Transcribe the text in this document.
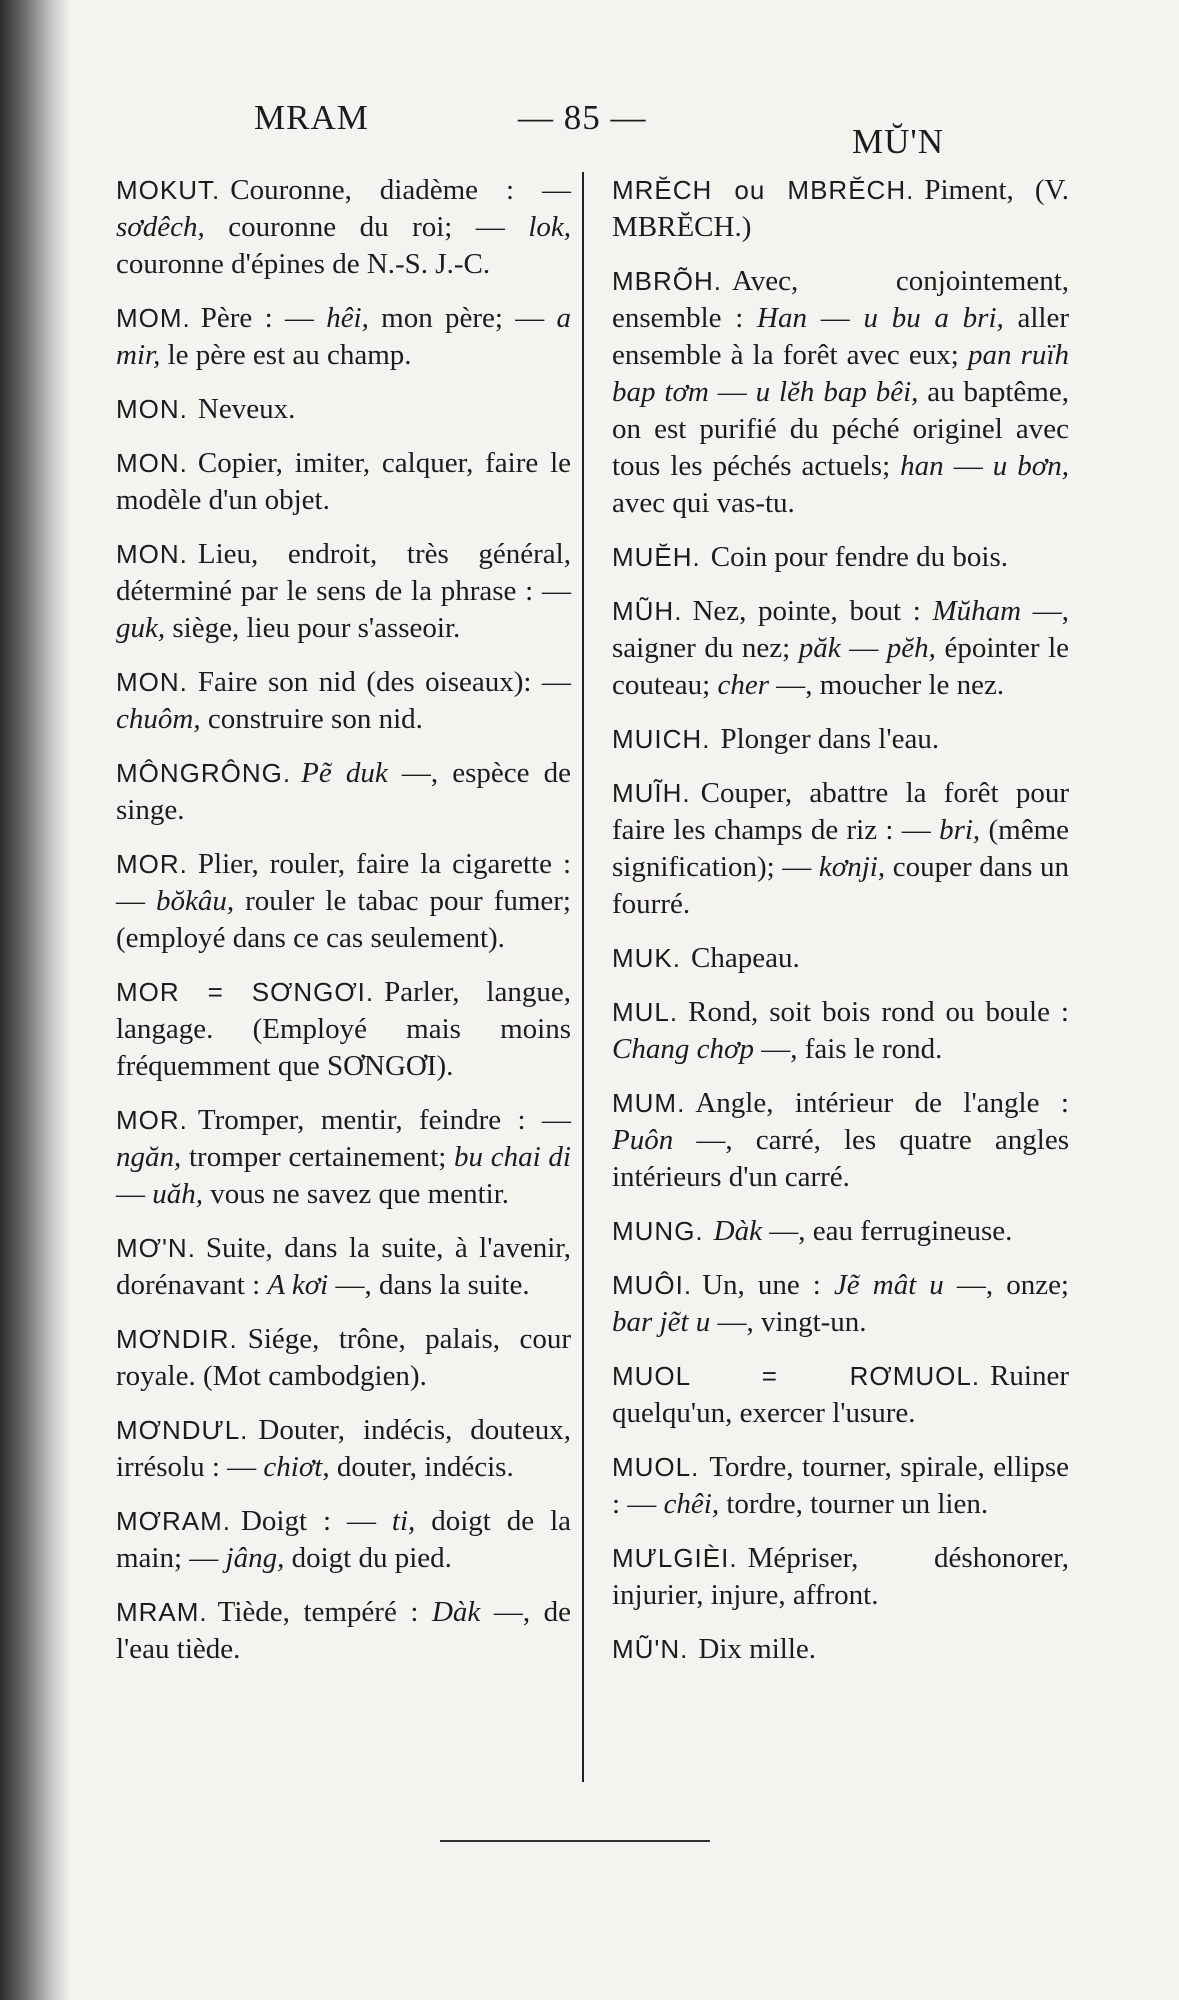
MRAM	— 85 —
MŬ'N

MOKUT. Couronne, diadème : — sơdêch, couronne du roi; — lok, couronne d'épines de N.-S. J.-C.

MOM. Père : — hêi, mon père; — a mir, le père est au champ.

MON. Neveux.

MON. Copier, imiter, calquer, faire le modèle d'un objet.

MON. Lieu, endroit, très général, déterminé par le sens de la phrase : — guk, siège, lieu pour s'asseoir.

MON. Faire son nid (des oiseaux): — chuôm, construire son nid.

MÔNGRÔNG. Pẽ duk —, espèce de singe.

MOR. Plier, rouler, faire la cigarette : — bŏkâu, rouler le tabac pour fumer; (employé dans ce cas seulement).

MOR = SƠNGƠI. Parler, langue, langage. (Employé mais moins fréquemment que SƠNGƠI).

MOR. Tromper, mentir, feindre : — ngăn, tromper certainement; bu chai di — uăh, vous ne savez que mentir.

MƠ'N. Suite, dans la suite, à l'avenir, dorénavant : A kơi —, dans la suite.

MƠNDIR. Siége, trône, palais, cour royale. (Mot cambodgien).

MƠNDƯL. Douter, indécis, douteux, irrésolu : — chiơt, douter, indécis.

MƠRAM. Doigt : — ti, doigt de la main; — jâng, doigt du pied.

MRAM. Tiède, tempéré : Dàk —, de l'eau tiède.

MRĔCH ou MBRĔCH. Piment, (V. MBRĔCH.)

MBRÕH. Avec, conjointement, ensemble : Han — u bu a bri, aller ensemble à la forêt avec eux; pan ruïh bap tơm — u lĕh bap bêi, au baptême, on est purifié du péché originel avec tous les péchés actuels; han — u bơn, avec qui vas-tu.

MUĔH. Coin pour fendre du bois.

MŨH. Nez, pointe, bout : Mŭham —, saigner du nez; păk — pĕh, épointer le couteau; cher —, moucher le nez.

MUICH. Plonger dans l'eau.

MUĨH. Couper, abattre la forêt pour faire les champs de riz : — bri, (même signification); — kơnji, couper dans un fourré.

MUK. Chapeau.

MUL. Rond, soit bois rond ou boule : Chang chơp —, fais le rond.

MUM. Angle, intérieur de l'angle : Puôn —, carré, les quatre angles intérieurs d'un carré.

MUNG. Dàk —, eau ferrugineuse.

MUÔI. Un, une : Jẽ mât u —, onze; bar jẽt u —, vingt-un.

MUOL = RƠMUOL. Ruiner quelqu'un, exercer l'usure.

MUOL. Tordre, tourner, spirale, ellipse : — chêi, tordre, tourner un lien.

MƯLGIÈI. Mépriser, déshonorer, injurier, injure, affront.

MŨ'N. Dix mille.
